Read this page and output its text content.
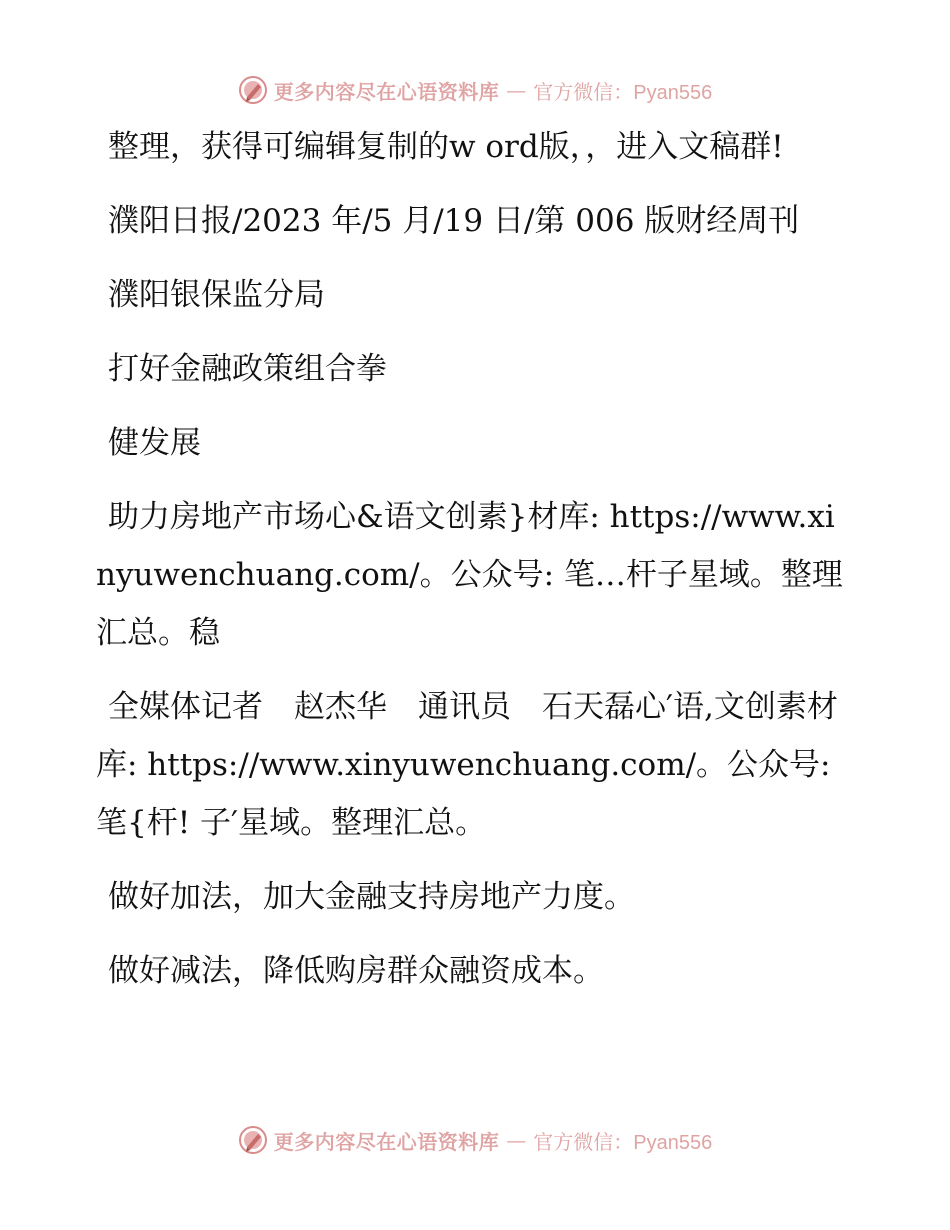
更多内容尽在心语资料库 — 官方微信：Pyan556

整理，获得可编辑复制的w ord版，，进入文稿群!

濮阳日报/2023 年/5 月/19 日/第 006 版财经周刊

濮阳银保监分局

打好金融政策组合拳

健发展

助力房地产市场心&语文创素}材库: https://www.xinyuwenchuang.com/。公众号: 笔…杆子星域。整理汇总。稳

全媒体记者　赵杰华　通讯员　石天磊心′语,文创素材库: https://www.xinyuwenchuang.com/。公众号: 笔{杆! 子′星域。整理汇总。

做好加法，加大金融支持房地产力度。

做好减法，降低购房群众融资成本。

更多内容尽在心语资料库 — 官方微信：Pyan556
